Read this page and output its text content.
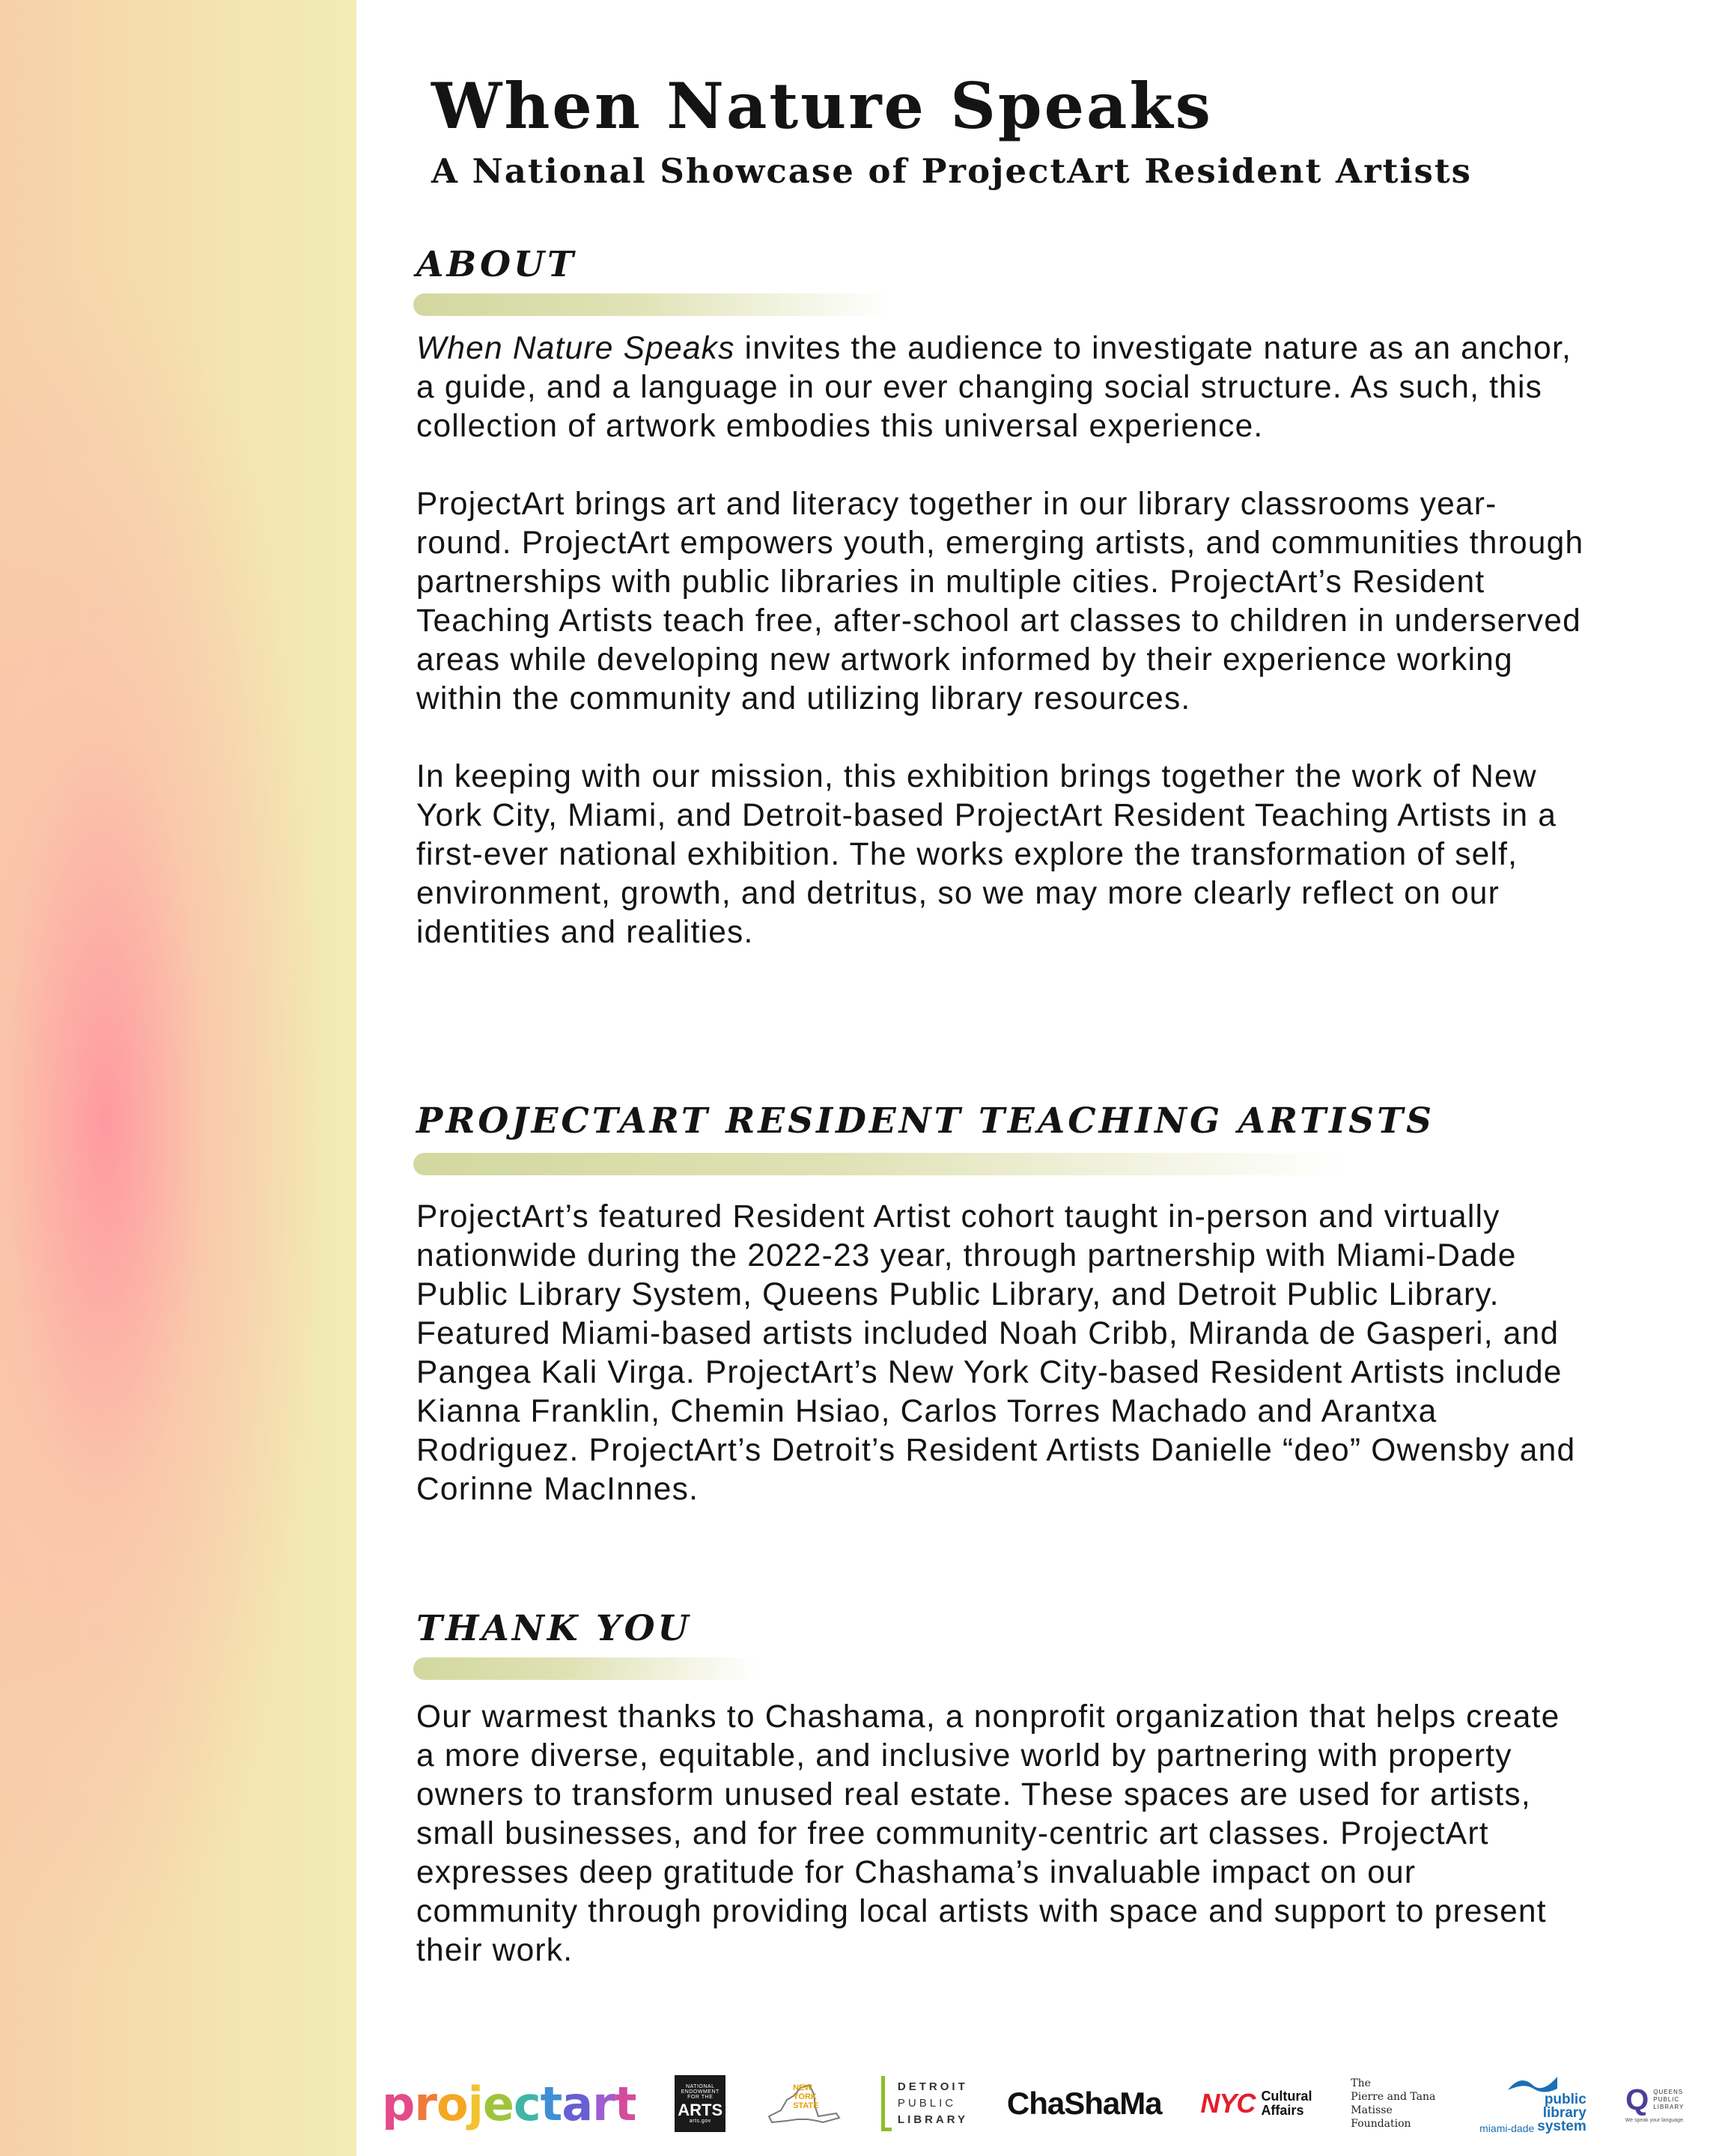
When Nature Speaks
A National Showcase of ProjectArt Resident Artists
ABOUT

When Nature Speaks invites the audience to investigate nature as an anchor, a guide, and a language in our ever changing social structure. As such, this collection of artwork embodies this universal experience.

ProjectArt brings art and literacy together in our library classrooms year-round. ProjectArt empowers youth, emerging artists, and communities through partnerships with public libraries in multiple cities. ProjectArt’s Resident Teaching Artists teach free, after-school art classes to children in underserved areas while developing new artwork informed by their experience working within the community and utilizing library resources.

In keeping with our mission, this exhibition brings together the work of New York City, Miami, and Detroit-based ProjectArt Resident Teaching Artists in a first-ever national exhibition. The works explore the transformation of self, environment, growth, and detritus, so we may more clearly reflect on our identities and realities.

PROJECTART RESIDENT TEACHING ARTISTS

ProjectArt’s featured Resident Artist cohort taught in-person and virtually nationwide during the 2022-23 year, through partnership with Miami-Dade Public Library System, Queens Public Library, and Detroit Public Library. Featured Miami-based artists included Noah Cribb, Miranda de Gasperi, and Pangea Kali Virga. ProjectArt’s New York City-based Resident Artists include Kianna Franklin, Chemin Hsiao, Carlos Torres Machado and Arantxa Rodriguez. ProjectArt’s Detroit’s Resident Artists Danielle “deo” Owensby and Corinne MacInnes.

THANK YOU

Our warmest thanks to Chashama, a nonprofit organization that helps create a more diverse, equitable, and inclusive world by partnering with property owners to transform unused real estate. These spaces are used for artists, small businesses, and for free community-centric art classes. ProjectArt expresses deep gratitude for Chashama’s invaluable impact on our community through providing local artists with space and support to present their work.

p r o j e c t a r t	NATIONAL ENDOWMENT
FOR THE
ARTS
arts.gov
NEW
YORK
STATE
DETROIT
PUBLIC
LIBRARY ChaShaMa NYC Cultural
Affairs
The
Pierre and Tana
Matisse
Foundation	miami-dade
public
library
system
Q QUEENS
PUBLIC
LIBRARY
We speak your language.
